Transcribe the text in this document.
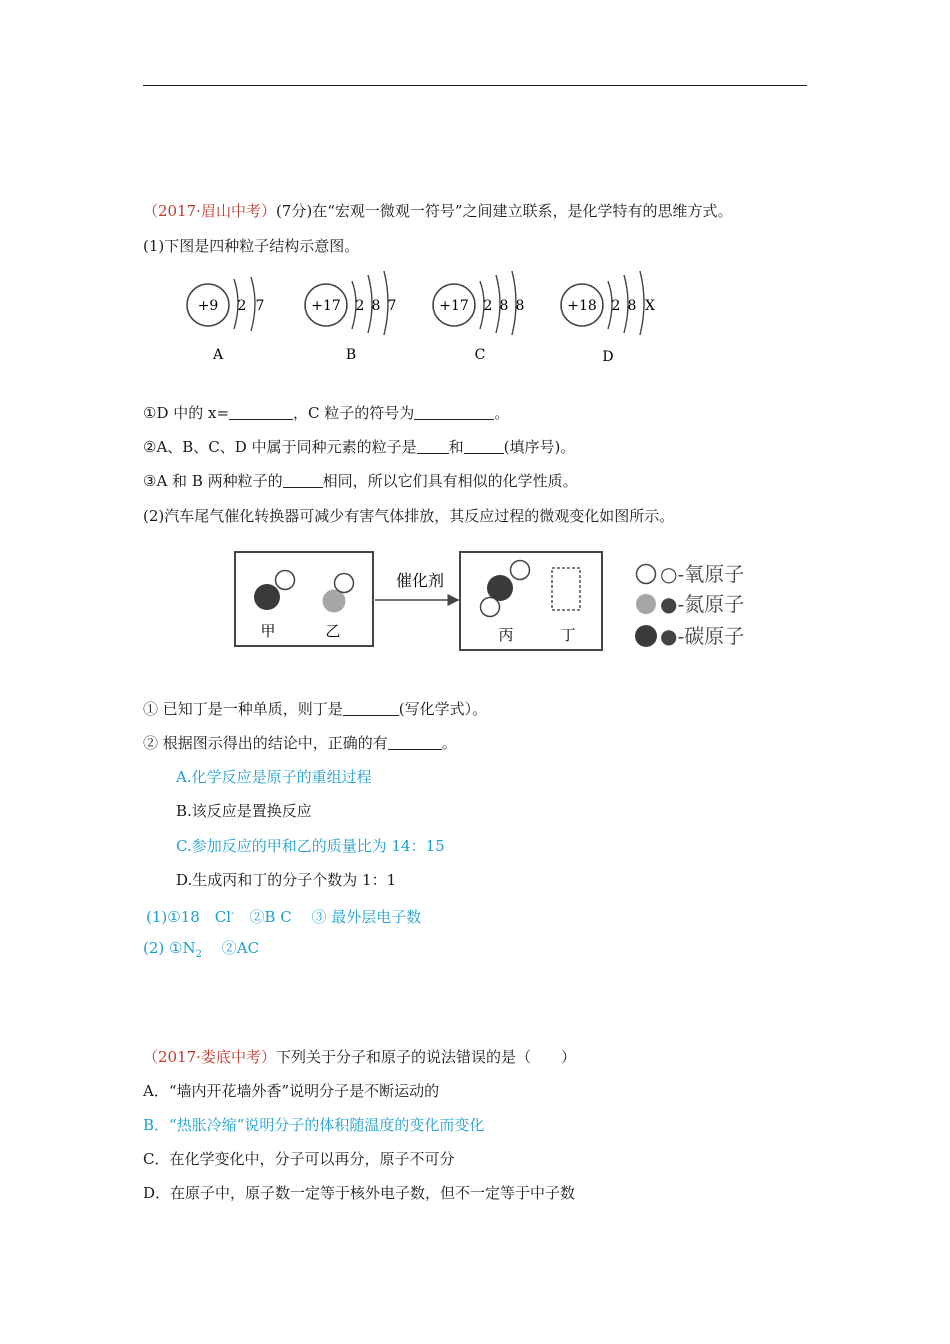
（2017·眉山中考）(7分)在“宏观一微观一符号”之间建立联系，是化学特有的思维方式。
(1)下图是四种粒子结构示意图。
+9 2 7
A
+17 2 8 7
B
+17 2 8 8
C
+18 2 8 X
D
①D 中的 x=	，C 粒子的符号为	。
②A、B、C、D 中属于同种元素的粒子是 和	(填序号)。
③A 和 B 两种粒子的	相同，所以它们具有相似的化学性质。
(2)汽车尾气催化转换器可减少有害气体排放，其反应过程的微观变化如图所示。
甲	乙
催化剂
丙	丁
○-氧原子
●-氮原子
●-碳原子
① 已知丁是一种单质，则丁是	(写化学式）。
② 根据图示得出的结论中，正确的有	。
A.化学反应是原子的重组过程
B.该反应是置换反应
C.参加反应的甲和乙的质量比为 14：15
D.生成丙和丁的分子个数为 1：1
(1)①18　Cl-　②B C　 ③ 最外层电子数
(2) $①N_2$　 ②AC
（2017·娄底中考）下列关于分子和原子的说法错误的是（　　）
A．“墙内开花墙外香”说明分子是不断运动的
B．“热胀冷缩”说明分子的体积随温度的变化而变化
C．在化学变化中，分子可以再分，原子不可分
D．在原子中，原子数一定等于核外电子数，但不一定等于中子数
